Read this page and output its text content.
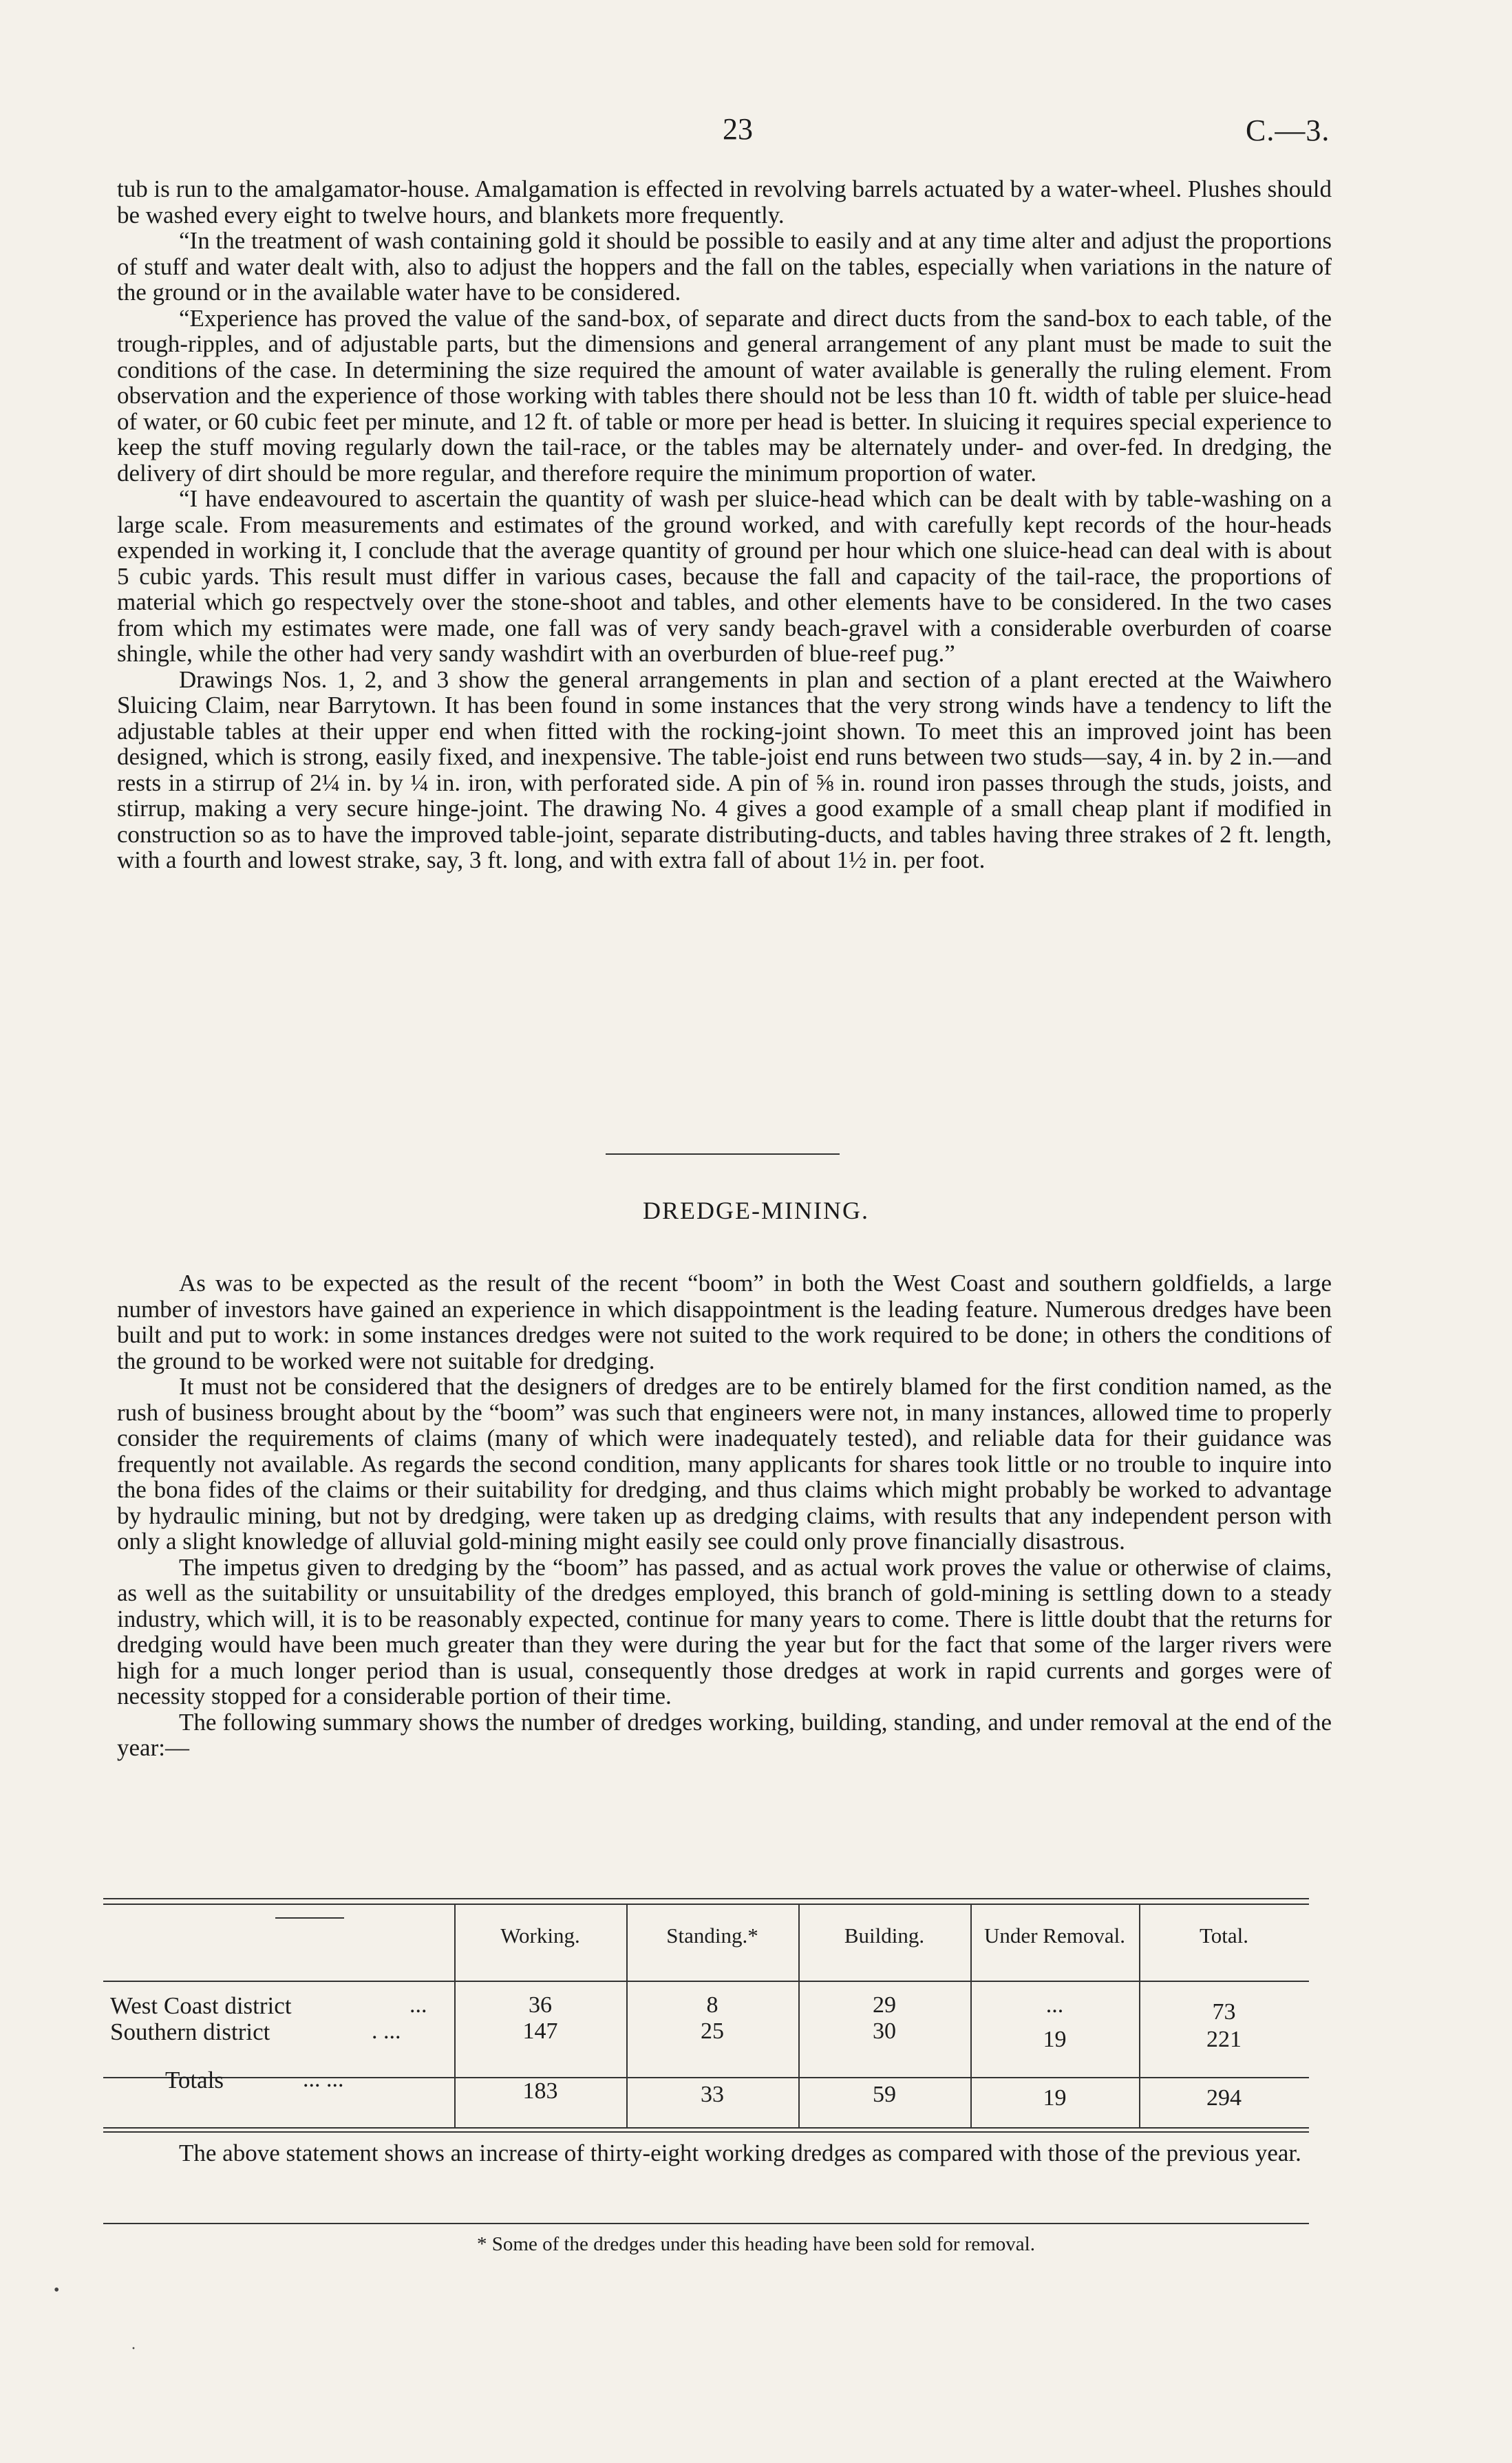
23	C.—3.

tub is run to the amalgamator-house. Amalgamation is effected in revolving barrels actuated by a water-wheel. Plushes should be washed every eight to twelve hours, and blankets more frequently.

“In the treatment of wash containing gold it should be possible to easily and at any time alter and adjust the proportions of stuff and water dealt with, also to adjust the hoppers and the fall on the tables, especially when variations in the nature of the ground or in the available water have to be considered.

“Experience has proved the value of the sand-box, of separate and direct ducts from the sand-box to each table, of the trough-ripples, and of adjustable parts, but the dimensions and general arrangement of any plant must be made to suit the conditions of the case. In determining the size required the amount of water available is generally the ruling element. From observation and the experience of those working with tables there should not be less than 10 ft. width of table per sluice-head of water, or 60 cubic feet per minute, and 12 ft. of table or more per head is better. In sluicing it requires special experience to keep the stuff moving regularly down the tail-race, or the tables may be alternately under- and over-fed. In dredging, the delivery of dirt should be more regular, and therefore require the minimum proportion of water.

“I have endeavoured to ascertain the quantity of wash per sluice-head which can be dealt with by table-washing on a large scale. From measurements and estimates of the ground worked, and with carefully kept records of the hour-heads expended in working it, I conclude that the average quantity of ground per hour which one sluice-head can deal with is about 5 cubic yards. This result must differ in various cases, because the fall and capacity of the tail-race, the proportions of material which go respectvely over the stone-shoot and tables, and other elements have to be considered. In the two cases from which my estimates were made, one fall was of very sandy beach-gravel with a considerable overburden of coarse shingle, while the other had very sandy washdirt with an overburden of blue-reef pug.”

Drawings Nos. 1, 2, and 3 show the general arrangements in plan and section of a plant erected at the Waiwhero Sluicing Claim, near Barrytown. It has been found in some instances that the very strong winds have a tendency to lift the adjustable tables at their upper end when fitted with the rocking-joint shown. To meet this an improved joint has been designed, which is strong, easily fixed, and inexpensive. The table-joist end runs between two studs—say, 4 in. by 2 in.—and rests in a stirrup of 2¼ in. by ¼ in. iron, with perforated side. A pin of ⅝ in. round iron passes through the studs, joists, and stirrup, making a very secure hinge-joint. The drawing No. 4 gives a good example of a small cheap plant if modified in construction so as to have the improved table-joint, separate distributing-ducts, and tables having three strakes of 2 ft. length, with a fourth and lowest strake, say, 3 ft. long, and with extra fall of about 1½ in. per foot.

DREDGE-MINING.

As was to be expected as the result of the recent “boom” in both the West Coast and southern goldfields, a large number of investors have gained an experience in which disappointment is the leading feature. Numerous dredges have been built and put to work: in some instances dredges were not suited to the work required to be done; in others the conditions of the ground to be worked were not suitable for dredging.

It must not be considered that the designers of dredges are to be entirely blamed for the first condition named, as the rush of business brought about by the “boom” was such that engineers were not, in many instances, allowed time to properly consider the requirements of claims (many of which were inadequately tested), and reliable data for their guidance was frequently not available. As regards the second condition, many applicants for shares took little or no trouble to inquire into the bona fides of the claims or their suitability for dredging, and thus claims which might probably be worked to advantage by hydraulic mining, but not by dredging, were taken up as dredging claims, with results that any independent person with only a slight knowledge of alluvial gold-mining might easily see could only prove financially disastrous.

The impetus given to dredging by the “boom” has passed, and as actual work proves the value or otherwise of claims, as well as the suitability or unsuitability of the dredges employed, this branch of gold-mining is settling down to a steady industry, which will, it is to be reasonably expected, continue for many years to come. There is little doubt that the returns for dredging would have been much greater than they were during the year but for the fact that some of the larger rivers were high for a much longer period than is usual, consequently those dredges at work in rapid currents and gorges were of necessity stopped for a considerable portion of their time.

The following summary shows the number of dredges working, building, standing, and under removal at the end of the year:—

Working.	Standing.*	Building.	Under Removal.	Total.
West Coast district	...	36	8	29	...	73
Southern district	. ...	147	25	30	19	221
Totals	... ...	183	33	59	19	294

The above statement shows an increase of thirty-eight working dredges as compared with those of the previous year.

* Some of the dredges under this heading have been sold for removal.
•
·
